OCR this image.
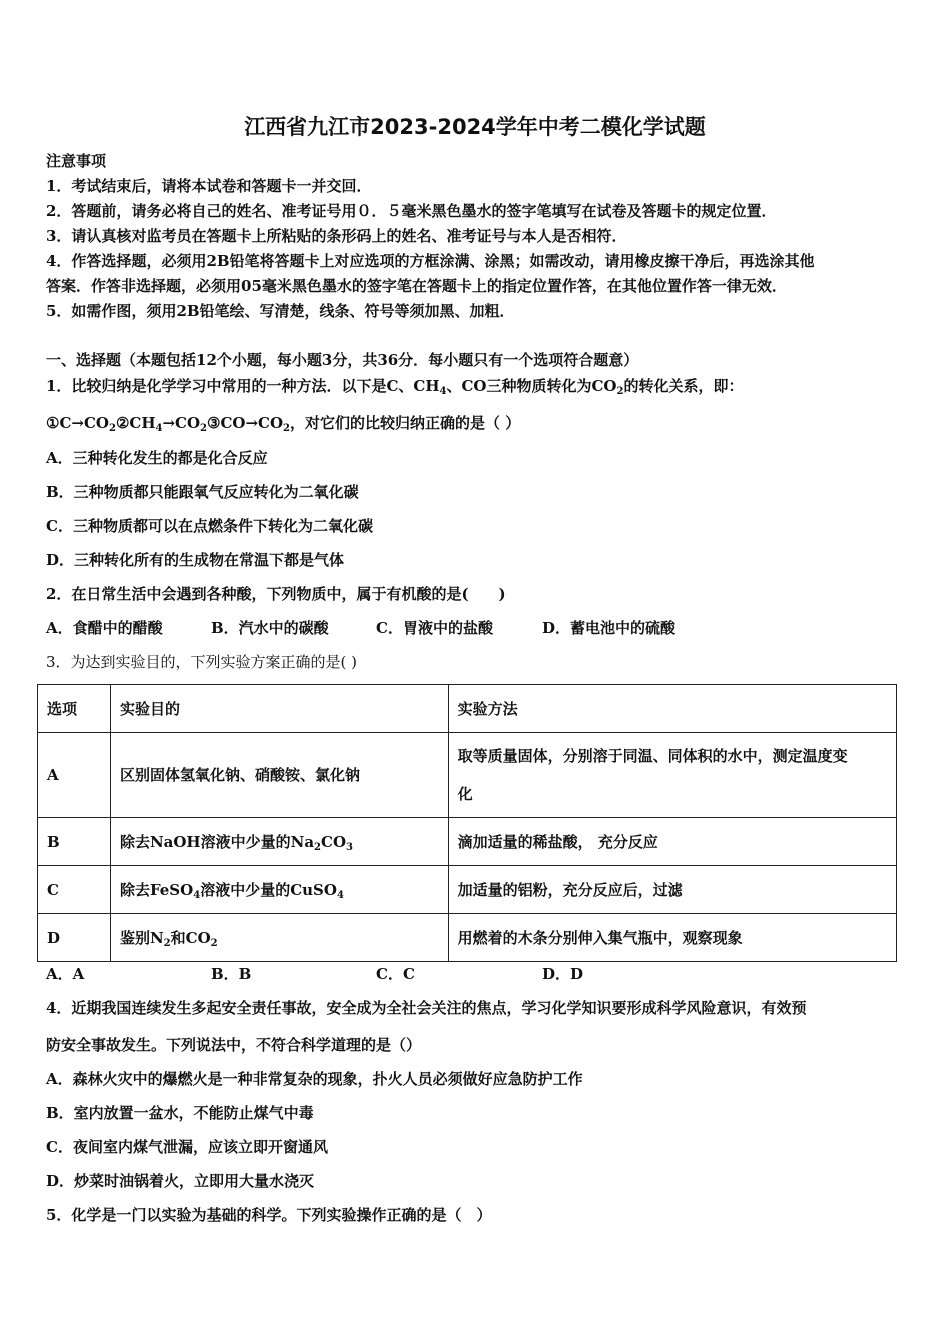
江西省九江市2023-2024学年中考二模化学试题

注意事项

1．考试结束后，请将本试卷和答题卡一并交回．

2．答题前，请务必将自己的姓名、准考证号用０．５毫米黑色墨水的签字笔填写在试卷及答题卡的规定位置．

3．请认真核对监考员在答题卡上所粘贴的条形码上的姓名、准考证号与本人是否相符．

4．作答选择题，必须用2B铅笔将答题卡上对应选项的方框涂满、涂黑；如需改动，请用橡皮擦干净后，再选涂其他

答案．作答非选择题，必须用05毫米黑色墨水的签字笔在答题卡上的指定位置作答，在其他位置作答一律无效．

5．如需作图，须用2B铅笔绘、写清楚，线条、符号等须加黑、加粗．

一、选择题（本题包括12个小题，每小题3分，共36分．每小题只有一个选项符合题意）

1．比较归纳是化学学习中常用的一种方法．以下是C、$CH_4$、CO三种物质转化为$CO_2$的转化关系，即：

$①C\to CO_2②CH_4\to CO_2③CO\to CO_2$，对它们的比较归纳正确的是（ ）

A．三种转化发生的都是化合反应

B．三种物质都只能跟氧气反应转化为二氧化碳

C．三种物质都可以在点燃条件下转化为二氧化碳

D．三种转化所有的生成物在常温下都是气体

2．在日常生活中会遇到各种酸，下列物质中，属于有机酸的是(　　)

A．食醋中的醋酸	B．汽水中的碳酸	C．胃液中的盐酸	D．蓄电池中的硫酸

3．为达到实验目的，下列实验方案正确的是( )

选项	实验目的	实验方法
A	区别固体氢氧化钠、硝酸铵、氯化钠	取等质量固体，分别溶于同温、同体积的水中，测定温度变
化
B	除去NaOH溶液中少量的$Na_2CO_3$	滴加适量的稀盐酸， 充分反应
C	除去FeSO$_4$溶液中少量的CuSO$_4$	加适量的铝粉，充分反应后，过滤
D	鉴别$N_2$和$CO_2$	用燃着的木条分别伸入集气瓶中，观察现象
A．A	B．B	C．C	D．D

4．近期我国连续发生多起安全责任事故，安全成为全社会关注的焦点，学习化学知识要形成科学风险意识，有效预

防安全事故发生。下列说法中，不符合科学道理的是（）

A．森林火灾中的爆燃火是一种非常复杂的现象，扑火人员必须做好应急防护工作

B．室内放置一盆水，不能防止煤气中毒

C．夜间室内煤气泄漏，应该立即开窗通风

D．炒菜时油锅着火，立即用大量水浇灭

5．化学是一门以实验为基础的科学。下列实验操作正确的是（　）
